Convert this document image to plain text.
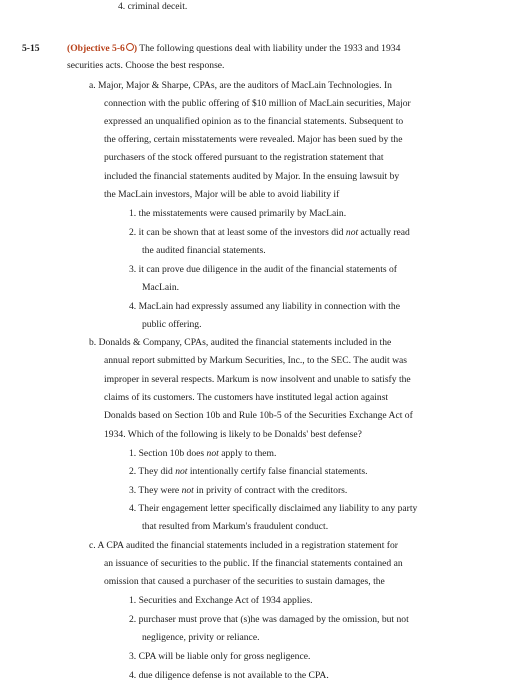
4. criminal deceit.
5-15	(Objective 5-6 ) The following questions deal with liability under the 1933 and 1934
securities acts. Choose the best response.
a. Major, Major & Sharpe, CPAs, are the auditors of MacLain Technologies. In
connection with the public offering of $10 million of MacLain securities, Major
expressed an unqualified opinion as to the financial statements. Subsequent to
the offering, certain misstatements were revealed. Major has been sued by the
purchasers of the stock offered pursuant to the registration statement that
included the financial statements audited by Major. In the ensuing lawsuit by
the MacLain investors, Major will be able to avoid liability if
1. the misstatements were caused primarily by MacLain.
2. it can be shown that at least some of the investors did not actually read
the audited financial statements.
3. it can prove due diligence in the audit of the financial statements of
MacLain.
4. MacLain had expressly assumed any liability in connection with the
public offering.
b. Donalds & Company, CPAs, audited the financial statements included in the
annual report submitted by Markum Securities, Inc., to the SEC. The audit was
improper in several respects. Markum is now insolvent and unable to satisfy the
claims of its customers. The customers have instituted legal action against
Donalds based on Section 10b and Rule 10b-5 of the Securities Exchange Act of
1934. Which of the following is likely to be Donalds' best defense?
1. Section 10b does not apply to them.
2. They did not intentionally certify false financial statements.
3. They were not in privity of contract with the creditors.
4. Their engagement letter specifically disclaimed any liability to any party
that resulted from Markum's fraudulent conduct.
c. A CPA audited the financial statements included in a registration statement for
an issuance of securities to the public. If the financial statements contained an
omission that caused a purchaser of the securities to sustain damages, the
1. Securities and Exchange Act of 1934 applies.
2. purchaser must prove that (s)he was damaged by the omission, but not
negligence, privity or reliance.
3. CPA will be liable only for gross negligence.
4. due diligence defense is not available to the CPA.
